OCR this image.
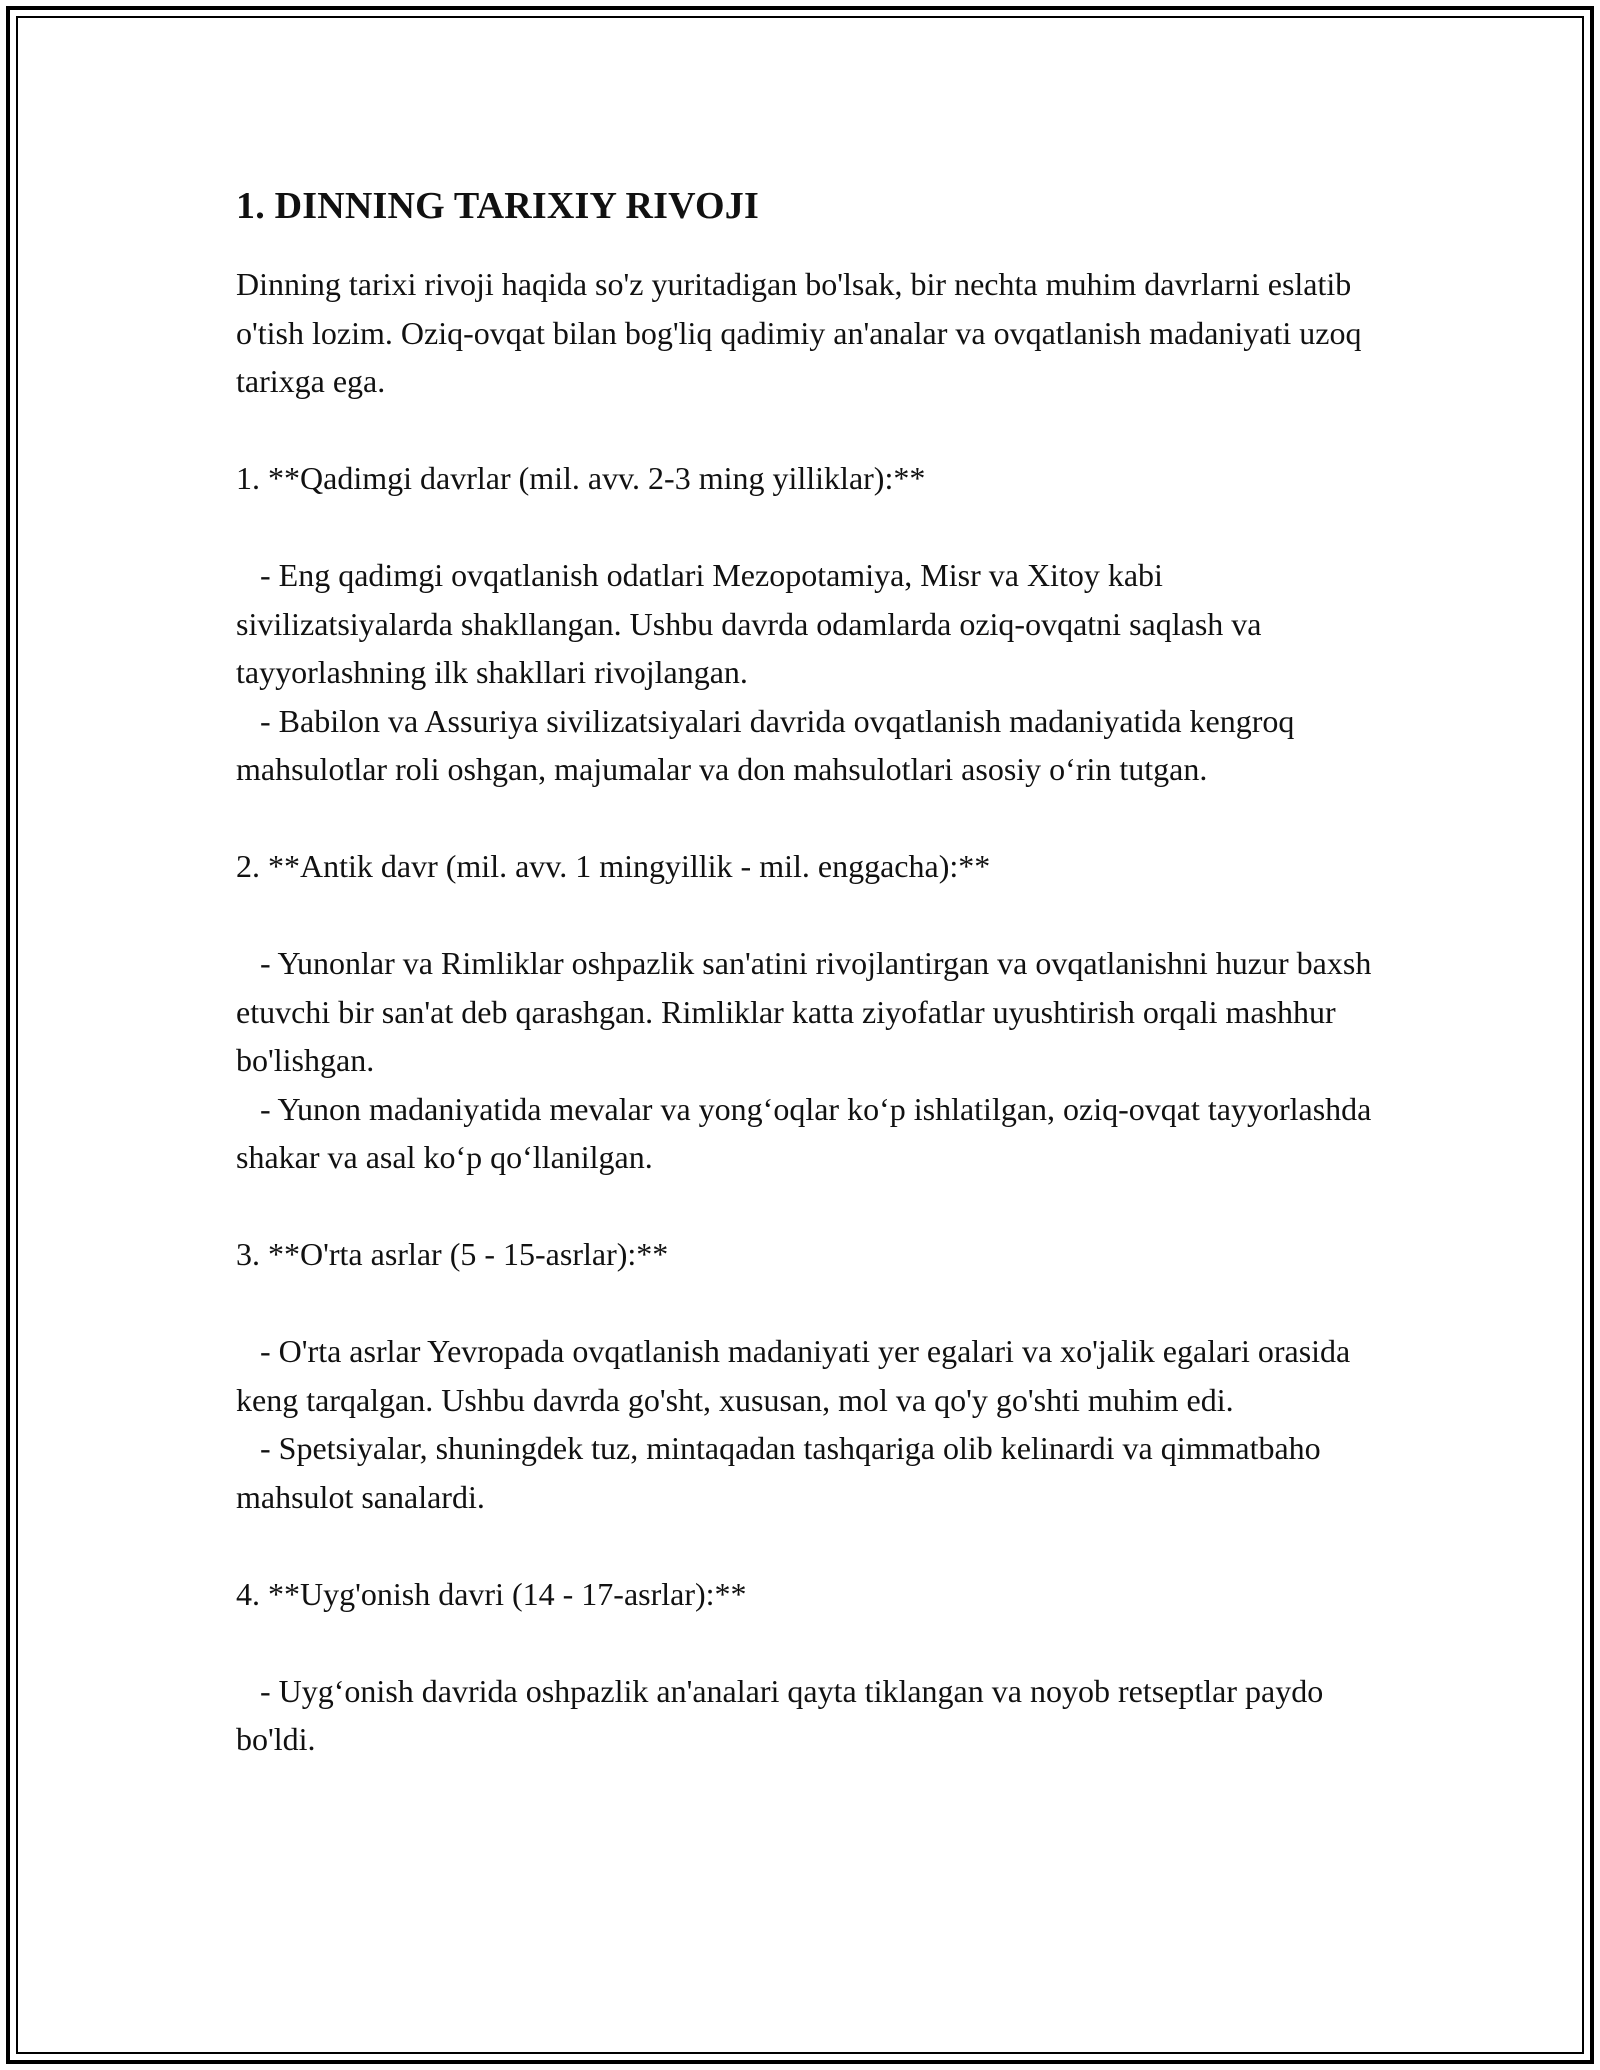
1. DINNING TARIXIY RIVOJI

Dinning tarixi rivoji haqida so'z yuritadigan bo'lsak, bir nechta muhim davrlarni eslatib o'tish lozim. Oziq-ovqat bilan bog'liq qadimiy an'analar va ovqatlanish madaniyati uzoq tarixga ega.

1. **Qadimgi davrlar (mil. avv. 2-3 ming yilliklar):**

- Eng qadimgi ovqatlanish odatlari Mezopotamiya, Misr va Xitoy kabi sivilizatsiyalarda shakllangan. Ushbu davrda odamlarda oziq-ovqatni saqlash va tayyorlashning ilk shakllari rivojlangan.

- Babilon va Assuriya sivilizatsiyalari davrida ovqatlanish madaniyatida kengroq mahsulotlar roli oshgan, majumalar va don mahsulotlari asosiy o‘rin tutgan.

2. **Antik davr (mil. avv. 1 mingyillik - mil. enggacha):**

- Yunonlar va Rimliklar oshpazlik san'atini rivojlantirgan va ovqatlanishni huzur baxsh etuvchi bir san'at deb qarashgan. Rimliklar katta ziyofatlar uyushtirish orqali mashhur bo'lishgan.

- Yunon madaniyatida mevalar va yong‘oqlar ko‘p ishlatilgan, oziq-ovqat tayyorlashda shakar va asal ko‘p qo‘llanilgan.

3. **O'rta asrlar (5 - 15-asrlar):**

- O'rta asrlar Yevropada ovqatlanish madaniyati yer egalari va xo'jalik egalari orasida keng tarqalgan. Ushbu davrda go'sht, xususan, mol va qo'y go'shti muhim edi.

- Spetsiyalar, shuningdek tuz, mintaqadan tashqariga olib kelinardi va qimmatbaho mahsulot sanalardi.

4. **Uyg'onish davri (14 - 17-asrlar):**

- Uyg‘onish davrida oshpazlik an'analari qayta tiklangan va noyob retseptlar paydo bo'ldi.
